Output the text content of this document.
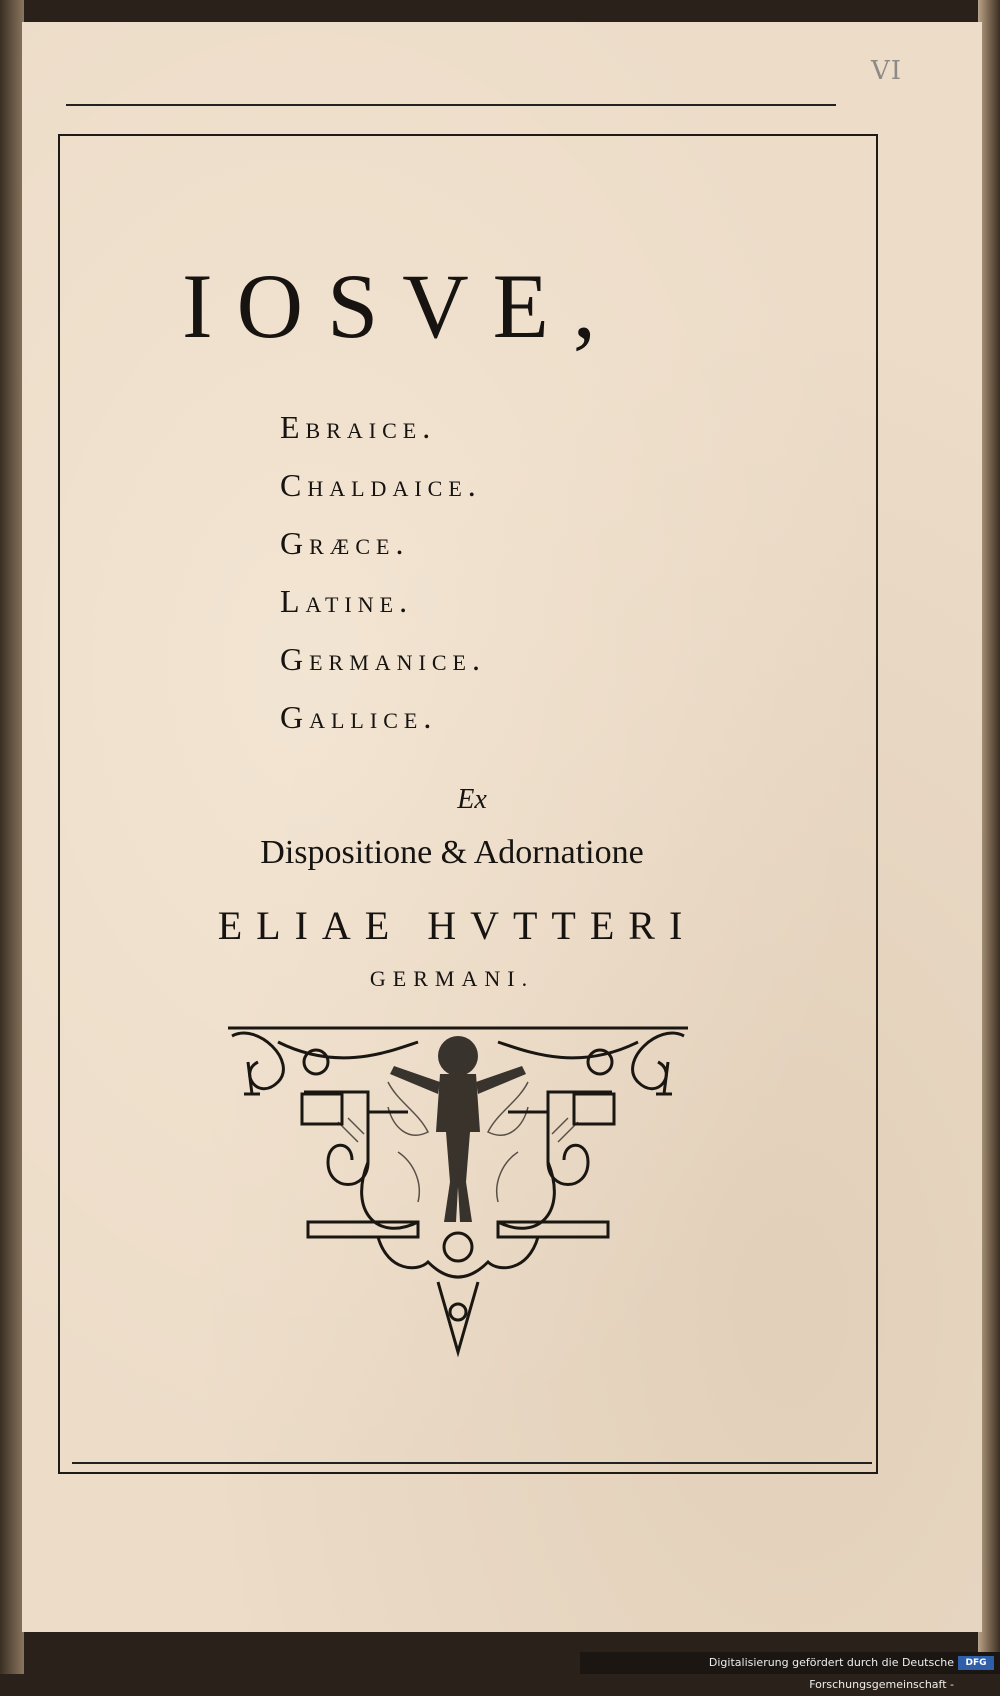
VI
IOSVE,
Ebraice.
Chaldaice.
Græce.
Latine.
Germanice.
Gallice.
Ex
Dispositione & Adornatione
ELIAE HVTTERI
GERMANI.
Digitalisierung gefördert durch die Deutsche Forschungsgemeinschaft -
DFG
